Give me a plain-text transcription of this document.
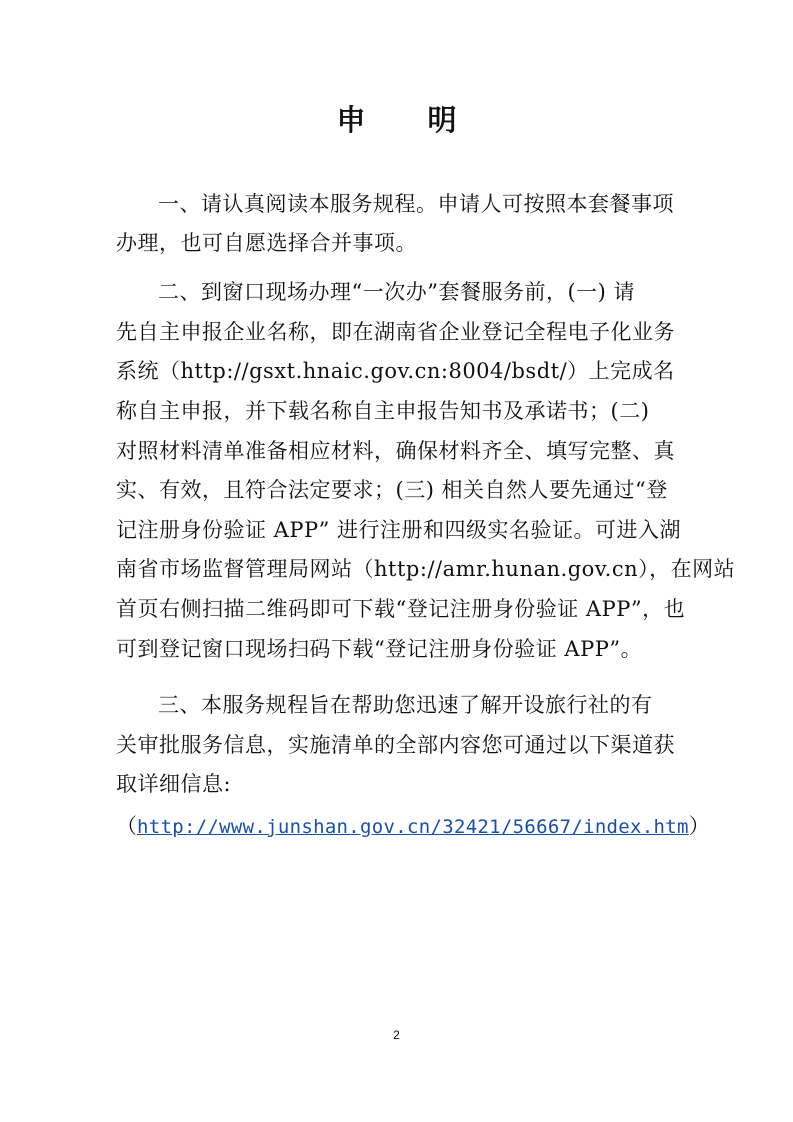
申 明
一、请认真阅读本服务规程。申请人可按照本套餐事项
办理，也可自愿选择合并事项。
二、到窗口现场办理“一次办”套餐服务前，(一) 请
先自主申报企业名称，即在湖南省企业登记全程电子化业务
系统（http://gsxt.hnaic.gov.cn:8004/bsdt/）上完成名
称自主申报，并下载名称自主申报告知书及承诺书；(二)
对照材料清单准备相应材料，确保材料齐全、填写完整、真
实、有效，且符合法定要求；(三) 相关自然人要先通过“登
记注册身份验证 APP” 进行注册和四级实名验证。可进入湖
南省市场监督管理局网站（http://amr.hunan.gov.cn），在网站
首页右侧扫描二维码即可下载“登记注册身份验证 APP”，也
可到登记窗口现场扫码下载“登记注册身份验证 APP”。
三、本服务规程旨在帮助您迅速了解开设旅行社的有
关审批服务信息，实施清单的全部内容您可通过以下渠道获
取详细信息:
（http://www.junshan.gov.cn/32421/56667/index.htm）
2
